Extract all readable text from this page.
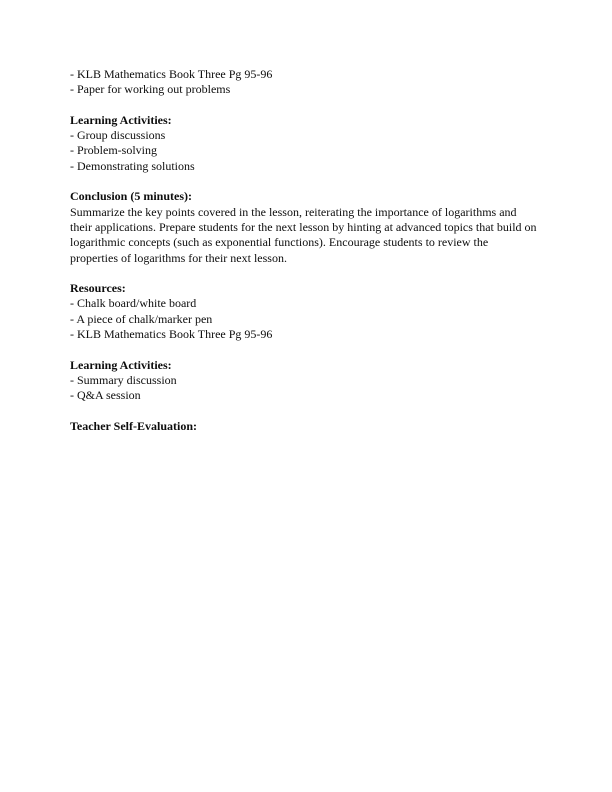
- KLB Mathematics Book Three Pg 95-96
- Paper for working out problems
Learning Activities:
- Group discussions
- Problem-solving
- Demonstrating solutions
Conclusion (5 minutes):
Summarize the key points covered in the lesson, reiterating the importance of logarithms and
their applications. Prepare students for the next lesson by hinting at advanced topics that build on
logarithmic concepts (such as exponential functions). Encourage students to review the
properties of logarithms for their next lesson.
Resources:
- Chalk board/white board
- A piece of chalk/marker pen
- KLB Mathematics Book Three Pg 95-96
Learning Activities:
- Summary discussion
- Q&A session
Teacher Self-Evaluation:
